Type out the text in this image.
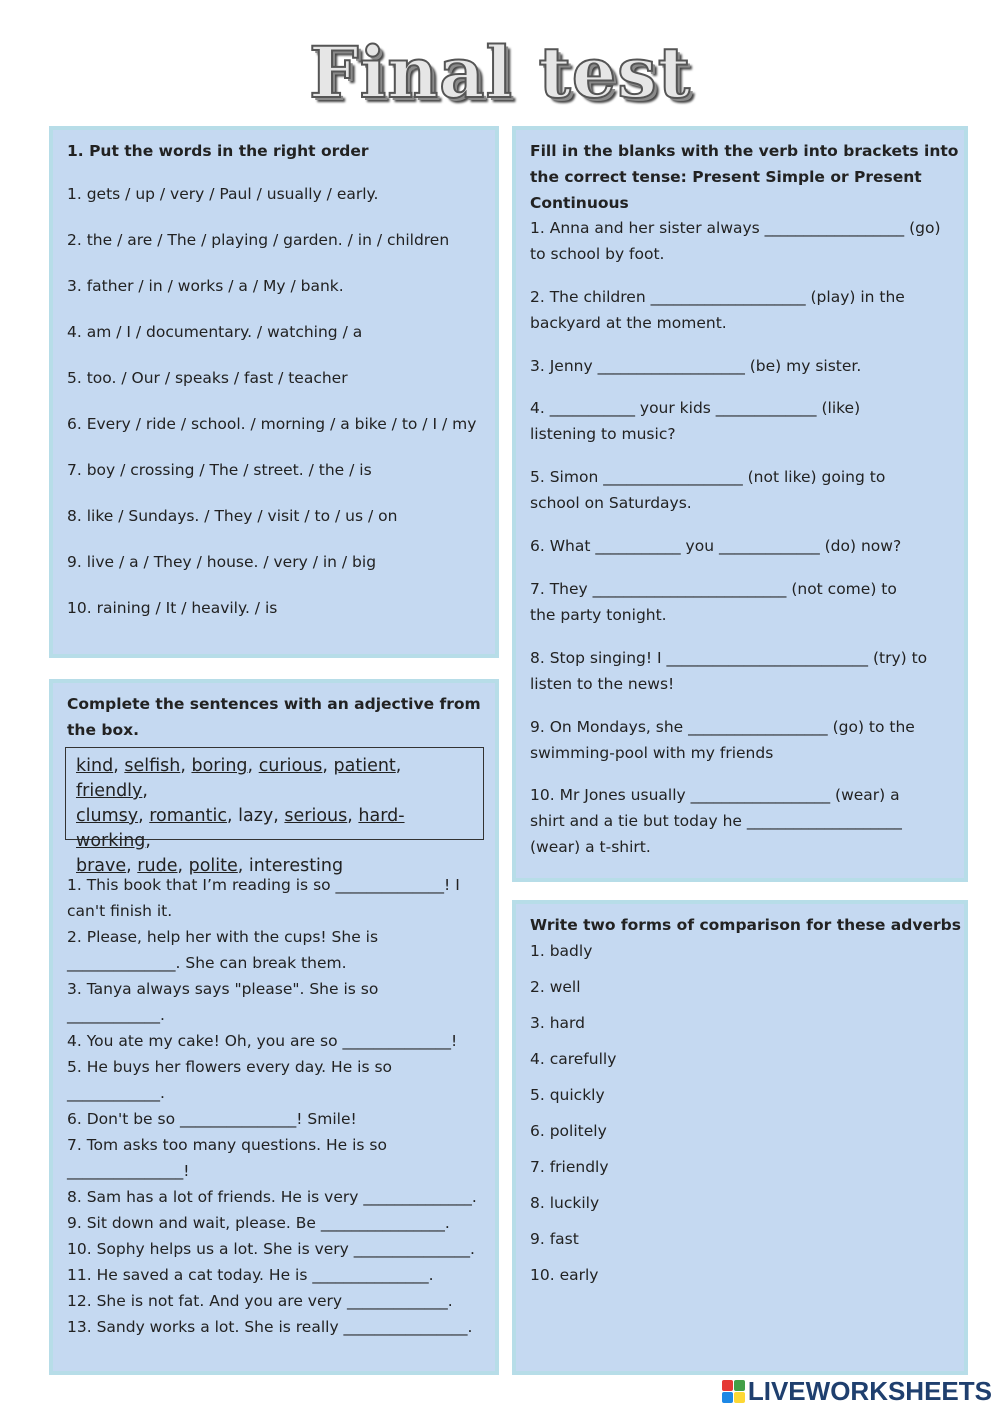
Final test
1. Put the words in the right order
1. gets / up / very / Paul / usually / early.
2. the / are / The / playing / garden. / in / children
3. father / in / works / a / My / bank.
4. am / I / documentary. / watching / a
5. too. / Our / speaks / fast / teacher
6. Every / ride / school. / morning / a bike / to / I / my
7. boy / crossing / The / street. / the / is
8. like / Sundays. / They / visit / to / us / on
9. live / a / They / house. / very / in / big
10. raining / It / heavily. / is
Complete the sentences with an adjective from the box.
kind, selfish, boring, curious, patient, friendly,
clumsy, romantic, lazy, serious, hard-working,
brave, rude, polite, interesting
1. This book that I’m reading is so ______________! I
can't finish it.
2. Please, help her with the cups! She is
______________. She can break them.
3. Tanya always says "please". She is so
____________.
4. You ate my cake! Oh, you are so ______________!
5. He buys her flowers every day. He is so
____________.
6. Don't be so _______________! Smile!
7. Tom asks too many questions. He is so
_______________!
8. Sam has a lot of friends. He is very ______________.
9. Sit down and wait, please. Be ________________.
10. Sophy helps us a lot. She is very _______________.
11. He saved a cat today. He is _______________.
12. She is not fat. And you are very _____________.
13. Sandy works a lot. She is really ________________.
Fill in the blanks with the verb into brackets into the correct tense: Present Simple or Present Continuous
1. Anna and her sister always __________________ (go)
to school by foot.
2. The children ____________________ (play) in the
backyard at the moment.
3. Jenny ___________________ (be) my sister.
4. ___________ your kids _____________ (like)
listening to music?
5. Simon __________________ (not like) going to
school on Saturdays.
6. What ___________ you _____________ (do) now?
7. They _________________________ (not come) to
the party tonight.
8. Stop singing! I __________________________ (try) to
listen to the news!
9. On Mondays, she __________________ (go) to the
swimming-pool with my friends
10. Mr Jones usually __________________ (wear) a
shirt and a tie but today he ____________________
(wear) a t-shirt.
Write two forms of comparison for these adverbs
1. badly
2. well
3. hard
4. carefully
5. quickly
6. politely
7. friendly
8. luckily
9. fast
10. early
LIVEWORKSHEETS
